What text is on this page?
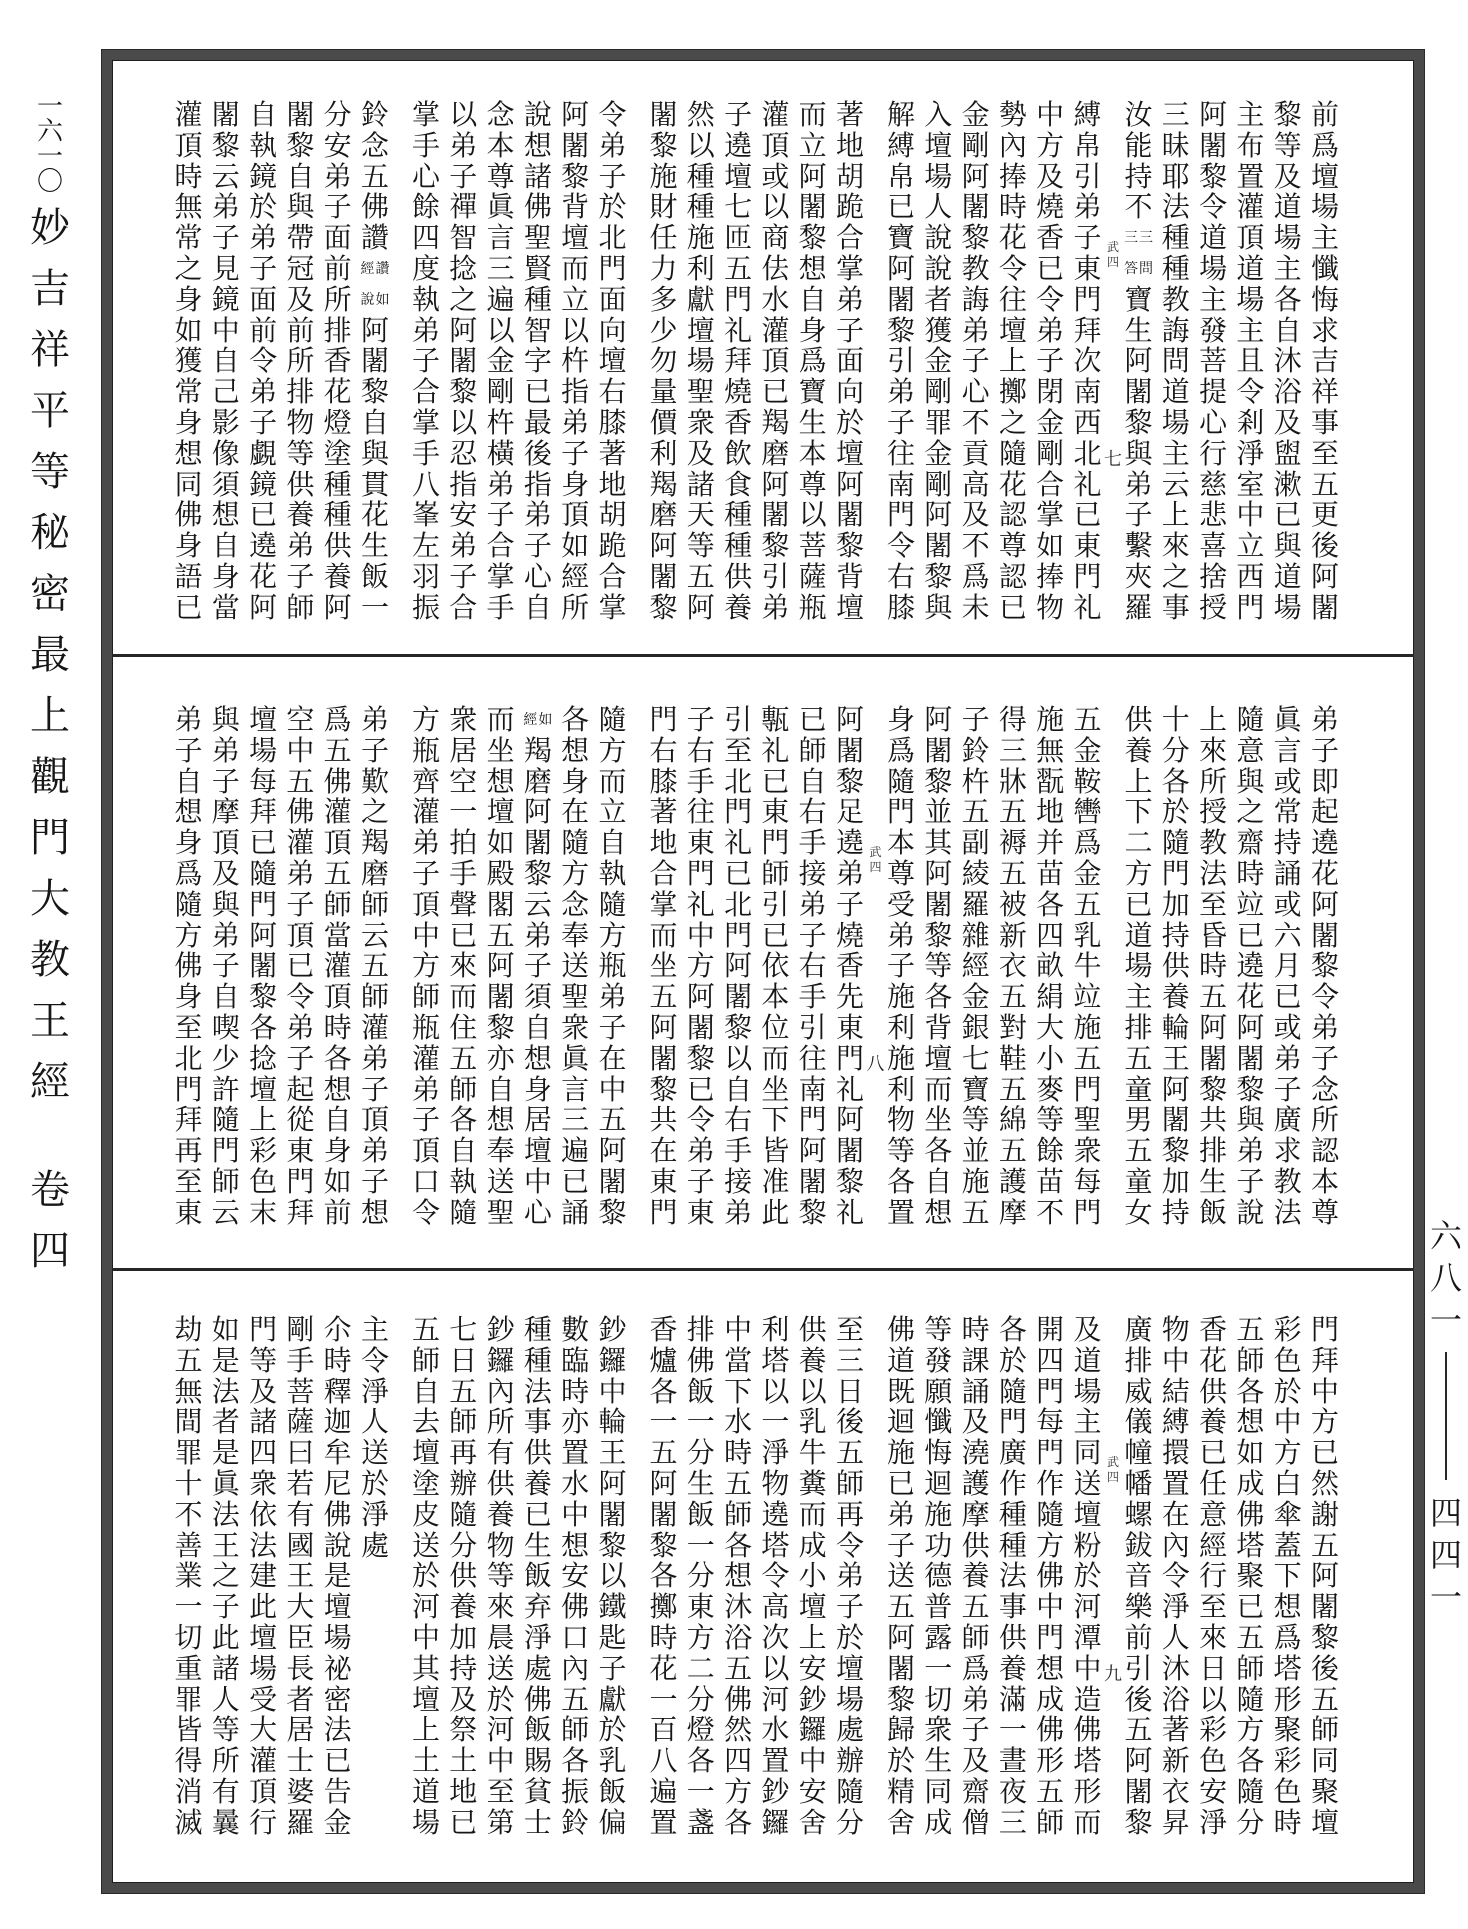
一六一〇
妙吉祥平等秘密最上觀門大教王經
卷四	六八一
四四一
前爲壇場主懺悔求吉祥事至五更後阿闍
黎等及道場主各自沐浴及盥漱已與道場
主布置灌頂道場主且令剎淨室中立西門
阿闍黎令道場主發菩提心行慈悲喜捨授
三昧耶法種種教誨問道場主云上來之事
汝能持不
三問
三答
寶生阿闍黎與弟子繫夾羅
縛帛引弟子東門拜次南西北礼已東門礼
中方及燒香已令弟子閉金剛合掌如捧物
勢內捧時花令往壇上擲之隨花認尊認已
金剛阿闍黎教誨弟子心不貢高及不爲未
入壇場人說說者獲金剛罪金剛阿闍黎與
解縛帛已寶阿闍黎引弟子往南門令右膝
著地胡跪合掌弟子面向於壇阿闍黎背壇
而立阿闍黎想自身爲寶生本尊以菩薩瓶
灌頂或以商佉水灌頂已羯磨阿闍黎引弟
子遶壇七匝五門礼拜燒香飲食種種供養
然以種種施利獻壇場聖衆及諸天等五阿
闍黎施財任力多少勿量價利羯磨阿闍黎
令弟子於北門面向壇右膝著地胡跪合掌
阿闍黎背壇而立以杵指弟子身頂如經所
說想諸佛聖賢種智字已最後指弟子心自
念本尊眞言三遍以金剛杵橫弟子合掌手
以弟子禪智捻之阿闍黎以忍指安弟子合
掌手心餘四度執弟子合掌手八峯左羽振
鈴念五佛讚
讚如
經說
阿闍黎自與貫花生飯一
分安弟子面前所排香花燈塗種種供養阿
闍黎自與帶冠及前所排物等供養弟子師
自執鏡於弟子面前令弟子覷鏡已遶花阿
闍黎云弟子見鏡中自己影像須想自身當
灌頂時無常之身如獲常身想同佛身語已
武四
七
弟子即起遶花阿闍黎令弟子念所認本尊
眞言或常持誦或六月已或弟子廣求教法
隨意與之齋時竝已遶花阿闍黎與弟子說
上來所授教法至昏時五阿闍黎共排生飯
十分各於隨門加持供養輪王阿闍黎加持
供養上下二方已道場主排五童男五童女
五金鞍轡爲金五乳牛竝施五門聖衆每門
施無翫地并苗各四畝絹大小麥等餘苗不
得三牀五褥五被新衣五對鞋五綿五護摩
子鈴杵五副綾羅雜經金銀七寶等並施五
阿闍黎並其阿闍黎等各背壇而坐各自想
身爲隨門本尊受弟子施利施利物等各置
阿闍黎足遶弟子燒香先東門礼阿闍黎礼
已師自右手接弟子右手引往南門阿闍黎
甎礼已東門師引已依本位而坐下皆准此
引至北門礼已北門阿闍黎以自右手接弟
子右手往東門礼中方阿闍黎已令弟子東
門右膝著地合掌而坐五阿闍黎共在東門
隨方而立自執隨方瓶弟子在中五阿闍黎
各想身在隨方念奉送聖衆眞言三遍已誦
如
經
羯磨阿闍黎云弟子須自想身居壇中心
而坐想壇如殿閣五阿闍黎亦自想奉送聖
衆居空一拍手聲已來而住五師各自執隨
方瓶齊灌弟子頂中方師瓶灌弟子頂口令
弟子歎之羯磨師云五師灌弟子頂弟子想
爲五佛灌頂五師當灌頂時各想自身如前
空中五佛灌弟子頂已令弟子起從東門拜
壇場每拜已隨門阿闍黎各捻壇上彩色末
與弟子摩頂及與弟子自喫少許隨門師云
弟子自想身爲隨方佛身至北門拜再至東
武四
八
門拜中方已然謝五阿闍黎後五師同聚壇
彩色於中方白傘蓋下想爲塔形聚彩色時
五師各想如成佛塔聚已五師隨方各隨分
香花供養已任意經行至來日以彩色安淨
物中結縛擐置在內令淨人沐浴著新衣昇
廣排威儀幢幡螺鈸音樂前引後五阿闍黎
及道場主同送壇粉於河潭中造佛塔形而
開四門每門作隨方佛中門想成佛形五師
各於隨門廣作種種法事供養滿一晝夜三
時課誦及澆護摩供養五師爲弟子及齋僧
等發願懺悔迴施功德普露一切衆生同成
佛道既迴施已弟子送五阿闍黎歸於精舍
至三日後五師再令弟子於壇場處辦隨分
供養以乳牛糞而成小壇上安鈔鑼中安舍
利塔以一淨物遶塔令高次以河水置鈔鑼
中當下水時五師各想沐浴五佛然四方各
排佛飯一分生飯一分東方二分燈各一盞
香爐各一五阿闍黎各擲時花一百八遍置
鈔鑼中輪王阿闍黎以鐵匙子獻於乳飯偏
數臨時亦置水中想安佛口內五師各振鈴
種種法事供養已生飯弃淨處佛飯賜貧士
鈔鑼內所有供養物等來晨送於河中至第
七日五師再辦隨分供養加持及祭土地已
五師自去壇塗皮送於河中其壇上土道場
主令淨人送於淨處
尒時釋迦牟尼佛說是壇場祕密法已告金
剛手菩薩曰若有國王大臣長者居士婆羅
門等及諸四衆依法建此壇場受大灌頂行
如是法者是眞法王之子此諸人等所有曩
劫五無間罪十不善業一切重罪皆得消滅
武四
九
